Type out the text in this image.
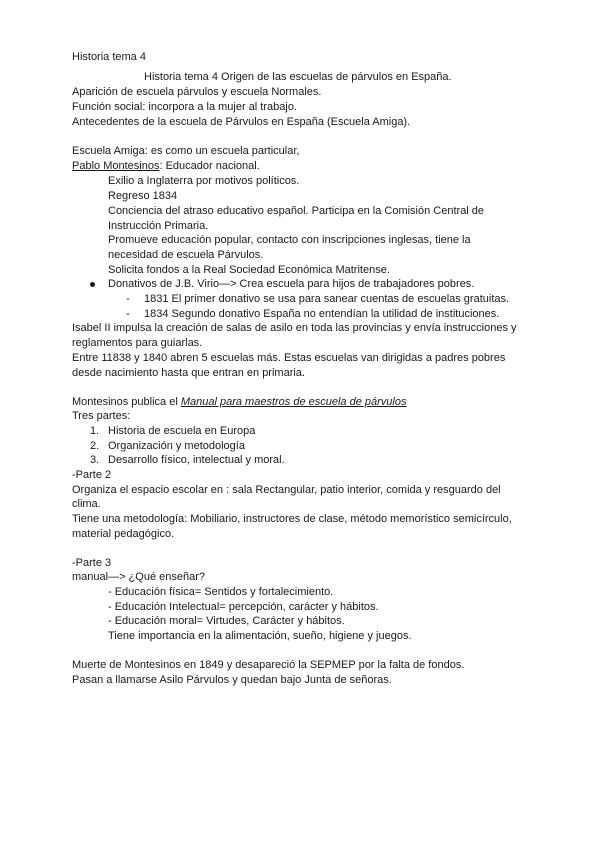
Historia tema 4
Historia tema 4 Origen de las escuelas de párvulos en España.
Aparición de escuela párvulos y escuela Normales.
Función social: incorpora a la mujer al trabajo.
Antecedentes de la escuela de Párvulos en España (Escuela Amiga).
Escuela Amiga: es como un escuela particular,
Pablo Montesinos: Educador nacional.
Exilio a Inglaterra por motivos políticos.
Regreso 1834
Conciencia del atraso educativo español. Participa en la Comisión Central de
Instrucción Primaria.
Promueve educación popular, contacto con inscripciones inglesas, tiene la
necesidad de escuela Párvulos.
Solicita fondos a la Real Sociedad Económica Matritense.
Donativos de J.B. Virio—> Crea escuela para hijos de trabajadores pobres.
- 1831 El primer donativo se usa para sanear cuentas de escuelas gratuitas.
- 1834 Segundo donativo España no entendían la utilidad de instituciones.
Isabel II impulsa la creación de salas de asilo en toda las provincias y envía instrucciones y
reglamentos para guiarlas.
Entre 11838 y 1840 abren 5 escuelas más. Estas escuelas van dirigidas a padres pobres
desde nacimiento hasta que entran en primaria.
Montesinos publica el Manual para maestros de escuela de párvulos
Tres partes:
1. Historia de escuela en Europa
2. Organización y metodología
3. Desarrollo físico, intelectual y moral.
-Parte 2
Organiza el espacio escolar en : sala Rectangular, patio interior, comida y resguardo del
clima.
Tiene una metodología: Mobiliario, instructores de clase, método memorístico semicírculo,
material pedagógico.
-Parte 3
manual—> ¿Qué enseñar?
- Educación física= Sentidos y fortalecimiento.
- Educación Intelectual= percepción, carácter y hábitos.
- Educación moral= Virtudes, Carácter y hábitos.
Tiene importancia en la alimentación, sueño, higiene y juegos.
Muerte de Montesinos en 1849 y desapareció la SEPMEP por la falta de fondos.
Pasan a llamarse Asilo Párvulos y quedan bajo Junta de señoras.
